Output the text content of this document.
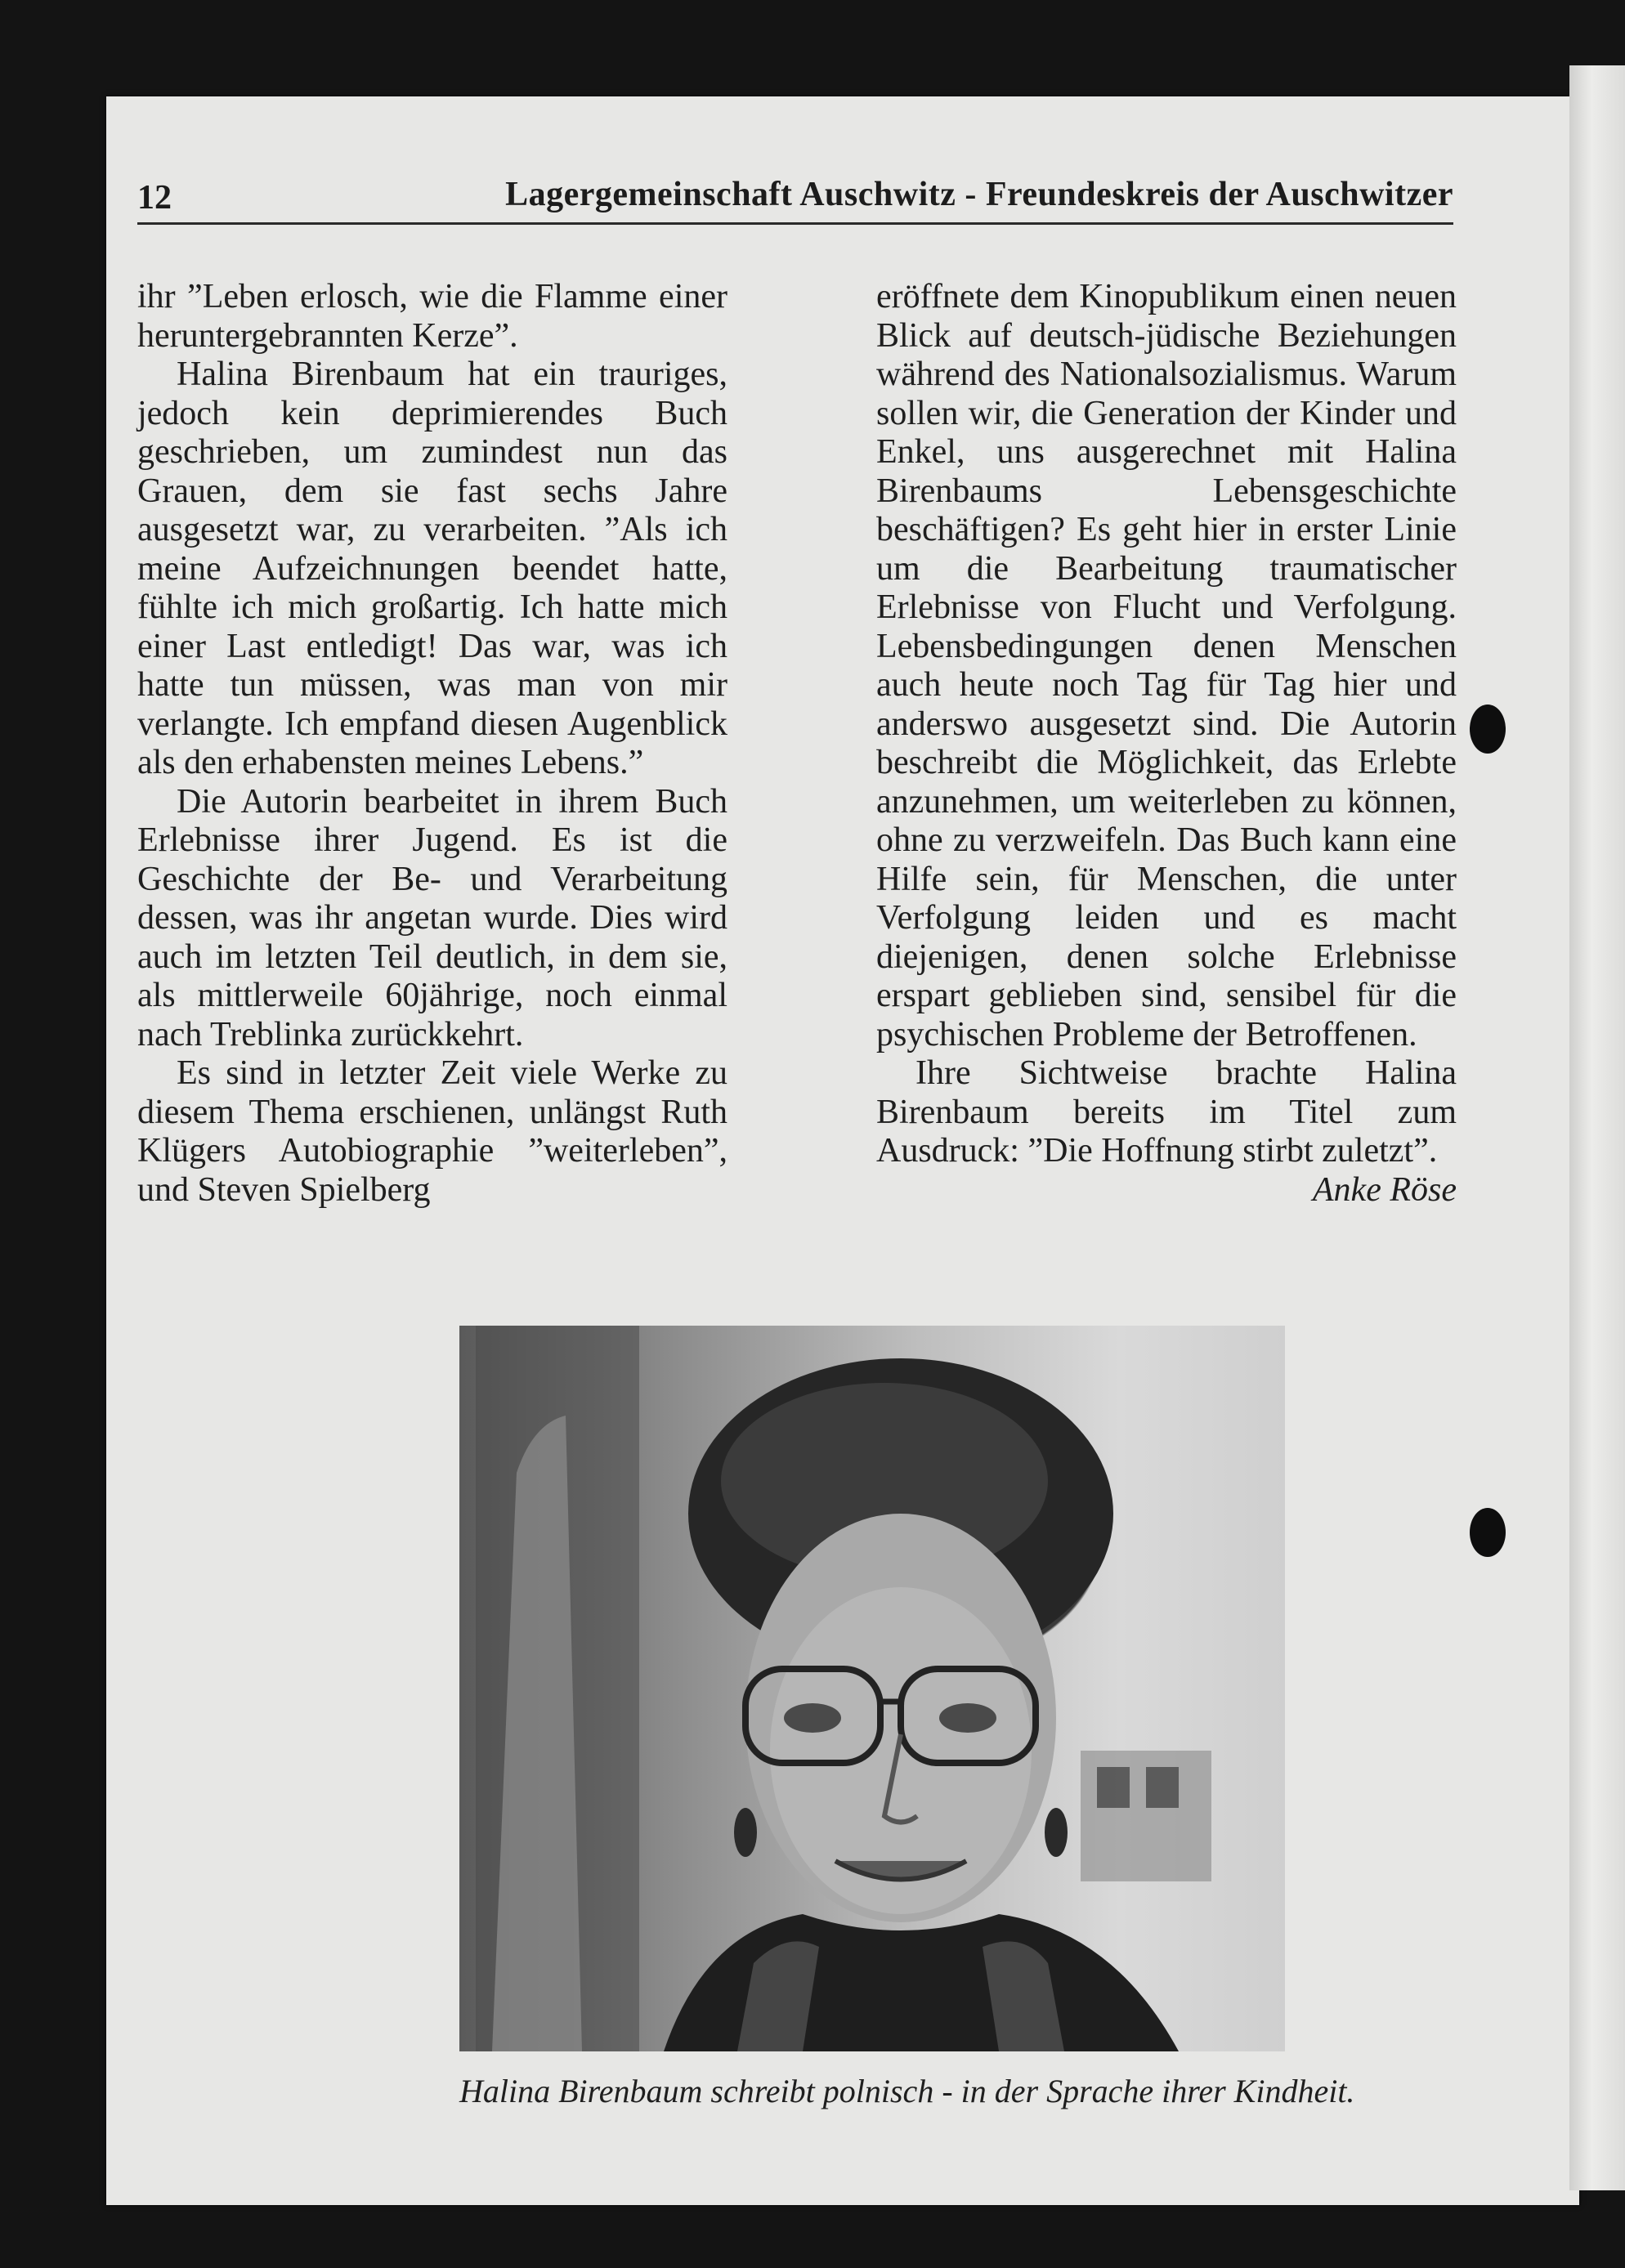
12	Lagergemeinschaft Auschwitz - Freundeskreis der Auschwitzer

ihr ”Leben erlosch, wie die Flamme einer heruntergebrannten Kerze”.

Halina Birenbaum hat ein trauriges, jedoch kein deprimierendes Buch geschrieben, um zumindest nun das Grauen, dem sie fast sechs Jahre ausgesetzt war, zu verarbeiten. ”Als ich meine Aufzeichnungen beendet hatte, fühlte ich mich großartig. Ich hatte mich einer Last entledigt! Das war, was ich hatte tun müssen, was man von mir verlangte. Ich empfand diesen Augenblick als den erhabensten meines Lebens.”

Die Autorin bearbeitet in ihrem Buch Erlebnisse ihrer Jugend. Es ist die Geschichte der Be- und Verarbeitung dessen, was ihr angetan wurde. Dies wird auch im letzten Teil deutlich, in dem sie, als mittlerweile 60jährige, noch einmal nach Treblinka zurückkehrt.

Es sind in letzter Zeit viele Werke zu diesem Thema erschienen, unlängst Ruth Klügers Autobiographie ”weiterleben”, und Steven Spielberg

eröffnete dem Kinopublikum einen neuen Blick auf deutsch-jüdische Beziehungen während des Nationalsozialismus. Warum sollen wir, die Generation der Kinder und Enkel, uns ausgerechnet mit Halina Birenbaums Lebensgeschichte beschäftigen? Es geht hier in erster Linie um die Bearbeitung traumatischer Erlebnisse von Flucht und Verfolgung. Lebensbedingungen denen Menschen auch heute noch Tag für Tag hier und anderswo ausgesetzt sind. Die Autorin beschreibt die Möglichkeit, das Erlebte anzunehmen, um weiterleben zu können, ohne zu verzweifeln. Das Buch kann eine Hilfe sein, für Menschen, die unter Verfolgung leiden und es macht diejenigen, denen solche Erlebnisse erspart geblieben sind, sensibel für die psychischen Probleme der Betroffenen.

Ihre Sichtweise brachte Halina Birenbaum bereits im Titel zum Ausdruck: ”Die Hoffnung stirbt zuletzt”.
Anke Röse

Halina Birenbaum schreibt polnisch - in der Sprache ihrer Kindheit.
